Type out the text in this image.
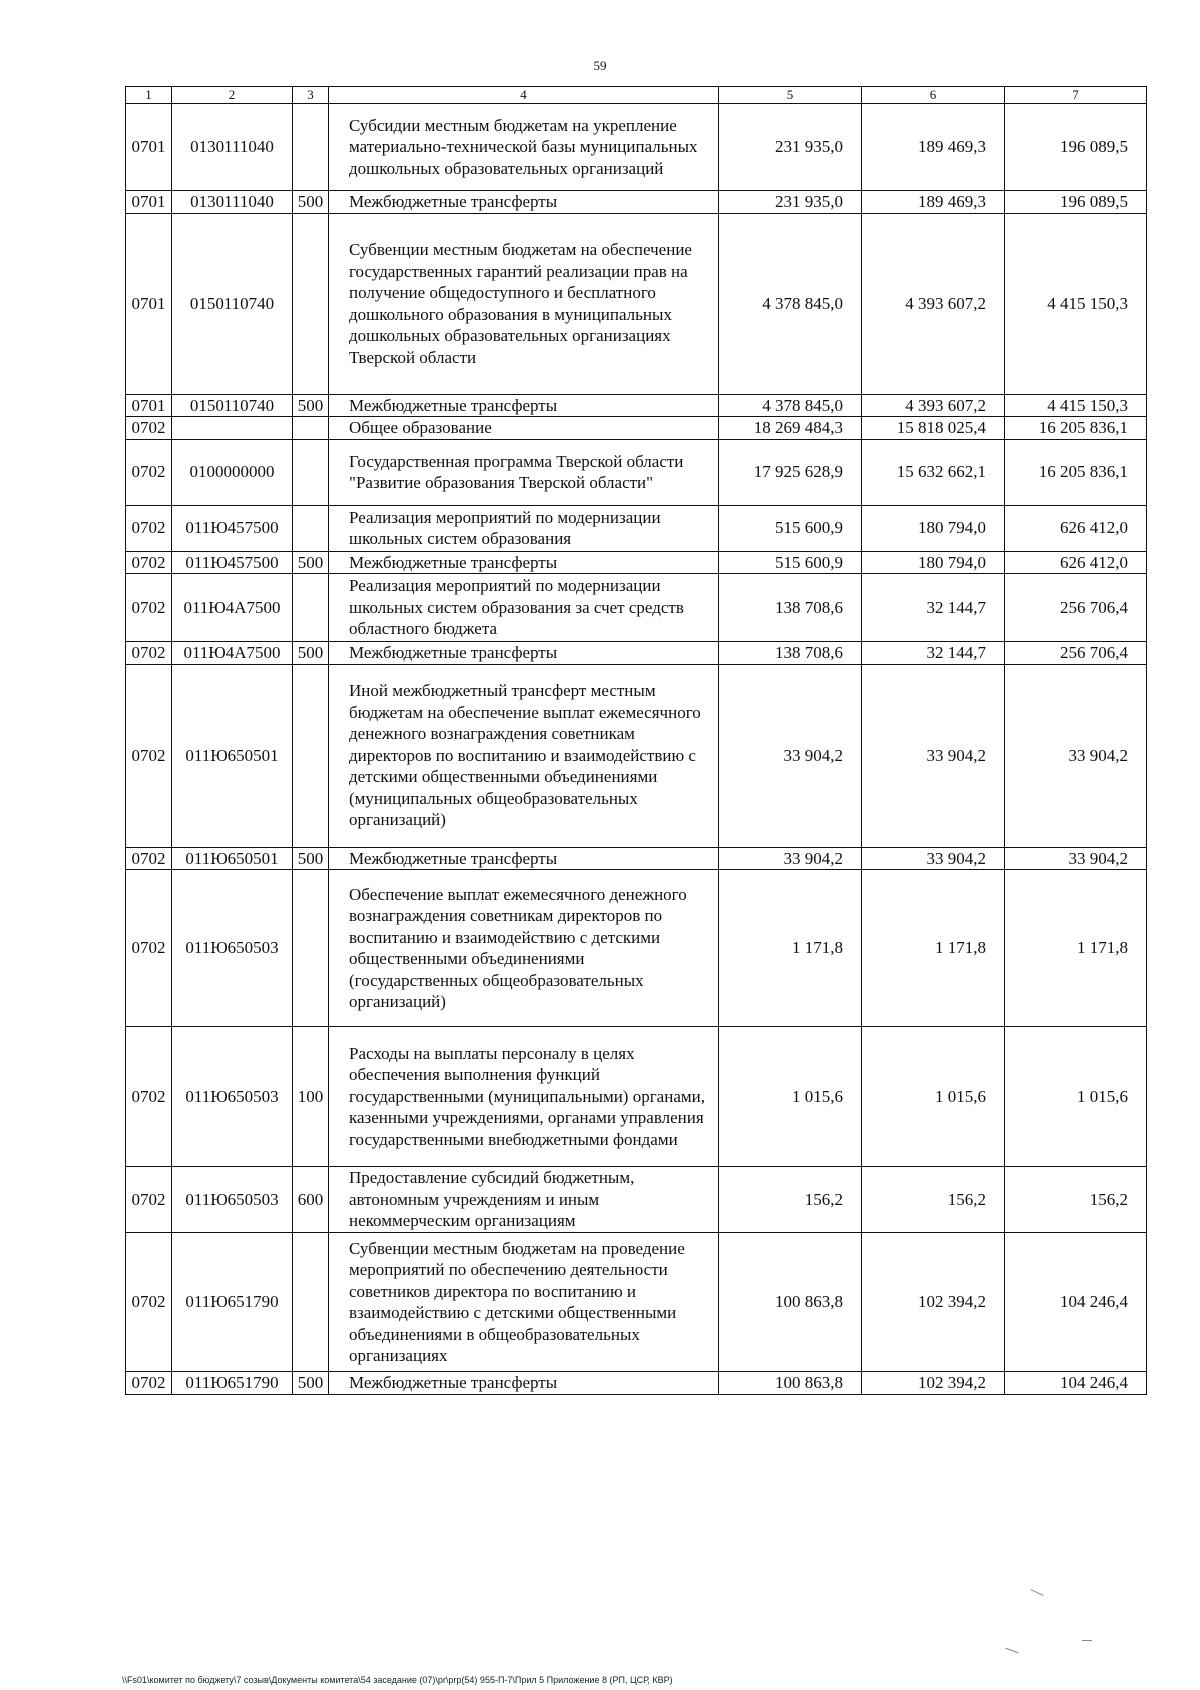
59
1	2	3	4	5	6	7
0701	0130111040		Субсидии местным бюджетам на укрепление материально-технической базы муниципальных дошкольных образовательных организаций	231 935,0	189 469,3	196 089,5
0701	0130111040	500	Межбюджетные трансферты	231 935,0	189 469,3	196 089,5
0701	0150110740		Субвенции местным бюджетам на обеспечение государственных гарантий реализации прав на получение общедоступного и бесплатного дошкольного образования в муниципальных дошкольных образовательных организациях Тверской области	4 378 845,0	4 393 607,2	4 415 150,3
0701	0150110740	500	Межбюджетные трансферты	4 378 845,0	4 393 607,2	4 415 150,3
0702			Общее образование	18 269 484,3	15 818 025,4	16 205 836,1
0702	0100000000		Государственная программа Тверской области "Развитие образования Тверской области"	17 925 628,9	15 632 662,1	16 205 836,1
0702	011Ю457500		Реализация мероприятий по модернизации школьных систем образования	515 600,9	180 794,0	626 412,0
0702	011Ю457500	500	Межбюджетные трансферты	515 600,9	180 794,0	626 412,0
0702	011Ю4А7500		Реализация мероприятий по модернизации школьных систем образования за счет средств областного бюджета	138 708,6	32 144,7	256 706,4
0702	011Ю4А7500	500	Межбюджетные трансферты	138 708,6	32 144,7	256 706,4
0702	011Ю650501		Иной межбюджетный трансферт местным бюджетам на обеспечение выплат ежемесячного денежного вознаграждения советникам директоров по воспитанию и взаимодействию с детскими общественными объединениями (муниципальных общеобразовательных организаций)	33 904,2	33 904,2	33 904,2
0702	011Ю650501	500	Межбюджетные трансферты	33 904,2	33 904,2	33 904,2
0702	011Ю650503		Обеспечение выплат ежемесячного денежного вознаграждения советникам директоров по воспитанию и взаимодействию с детскими общественными объединениями (государственных общеобразовательных организаций)	1 171,8	1 171,8	1 171,8
0702	011Ю650503	100	Расходы на выплаты персоналу в целях обеспечения выполнения функций государственными (муниципальными) органами, казенными учреждениями, органами управления государственными внебюджетными фондами	1 015,6	1 015,6	1 015,6
0702	011Ю650503	600	Предоставление субсидий бюджетным, автономным учреждениям и иным некоммерческим организациям	156,2	156,2	156,2
0702	011Ю651790		Субвенции местным бюджетам на проведение мероприятий по обеспечению деятельности советников директора по воспитанию и взаимодействию с детскими общественными объединениями в общеобразовательных организациях	100 863,8	102 394,2	104 246,4
0702	011Ю651790	500	Межбюджетные трансферты	100 863,8	102 394,2	104 246,4
\\Fs01\комитет по бюджету\7 созыв\Документы комитета\54 заседание (07)\pr\prр(54) 955-П-7\Прил 5 Приложение 8 (РП, ЦСР, КВР)
